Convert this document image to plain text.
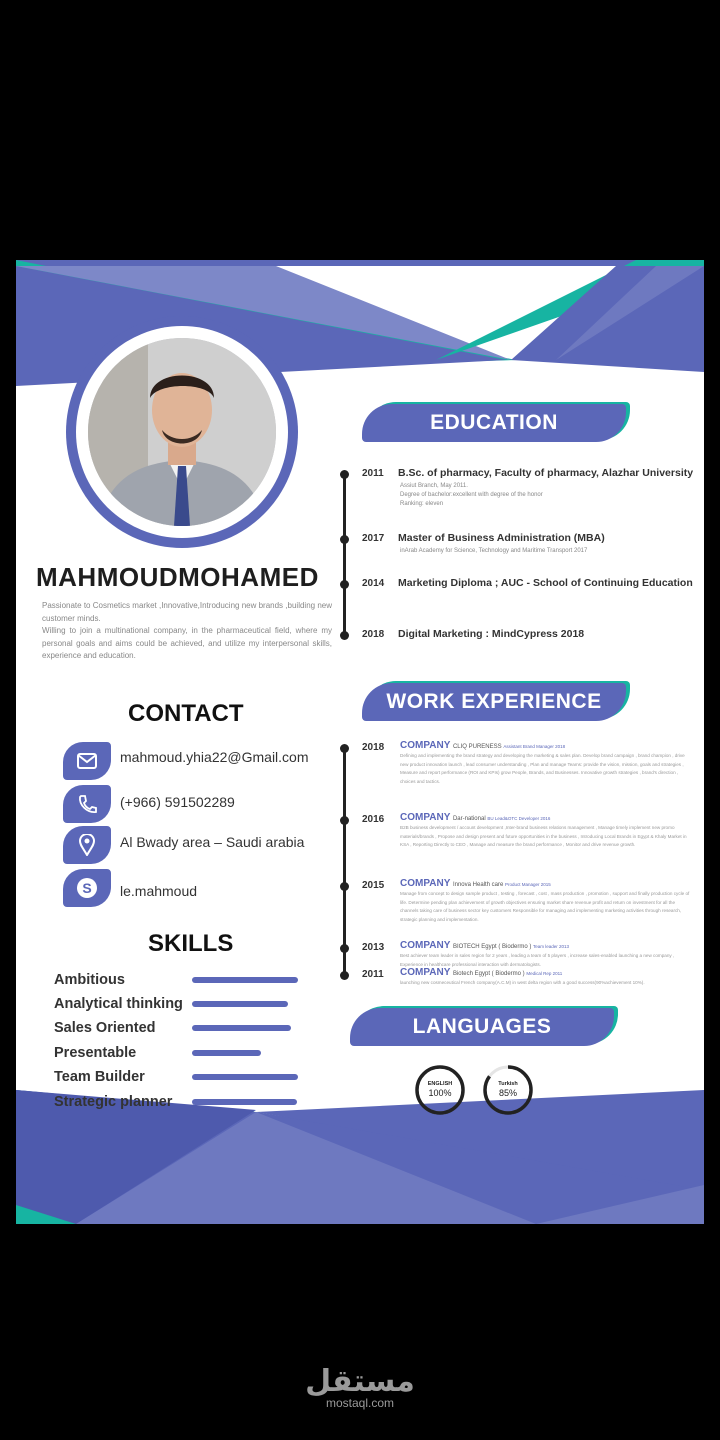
MAHMOUDMOHAMED
Passionate to Cosmetics market ,Innovative,Introducing new brands ,building new customer minds.
Willing to join a multinational company, in the pharmaceutical field, where my personal goals and aims could be achieved, and utilize my interpersonal skills, experience and education.
CONTACT
mahmoud.yhia22@Gmail.com
(+966) 591502289
Al Bwady area – Saudi arabia
S le.mahmoud
SKILLS
Ambitious
Analytical thinking
Sales Oriented
Presentable
Team Builder
Strategic planner
EDUCATION
2011 B.Sc. of pharmacy, Faculty of pharmacy, Alazhar University
Assiut Branch, May 2011.
Degree of bachelor:excellent with degree of the honor
Ranking: eleven
2017 Master of Business Administration (MBA)
inArab Academy for Science, Technology and Maritime Transport 2017
2014 Marketing Diploma ; AUC - School of Continuing Education
2018 Digital Marketing : MindCypress 2018
WORK EXPERIENCE
2018 COMPANY CLIQ PURENESS Assistant Brand Manager 2018
Defining and implementing the brand strategy and developing the marketing & sales plan. Develop brand campaign , brand champion , drive new product innovation launch , lead consumer understanding , Plan and manage Teams: provide the vision, mission, goals and strategies , Measure and report performance (ROI and KPIs) grow People, Brands, and Businesses. Innovative growth strategies , brand's direction , choices and tactics.
2016 COMPANY Dar-national BU Lead&OTC Developer 2016
B2B business development / account development ,Inter-brand business relations management , Manage timely implement new promo materials/brands , Propose and design present and future opportunities in the business , Introducing Local Brands in Egypt & Khaly Market in KSA , Reporting Directly to CEO , Manage and measure the brand performance , Monitor and drive revenue growth.
2015 COMPANY Innova Health care Product Manager 2015
Manage from concept to design sample product , testing , forecast , cost , mass production , promotion , support and finally production cycle of life. Determine pending plan achievement of growth objectives ensuring market share revenue profit and return on investment for all the channels taking care of business sector key customers Responsible for managing and implementing marketing activities through research, strategic planning and implementation.
2013 COMPANY BIOTECH Egypt ( Biodermo ) Team leader 2013
Best achiever team leader in sales region for 2 years , leading a team of 5 players , increase sales-enabled launching a new company , Experience in healthcare professional interaction with dermatologists.
2011 COMPANY Biotech Egypt ( Biodermo ) Medical Rep 2011
launching new cosmeceutical French company(A.C.M) in west delta region with a good success(90%achievement 10%).
LANGUAGES
ENGLISH
100%
Turkish
85%
مستقل
mostaql.com
